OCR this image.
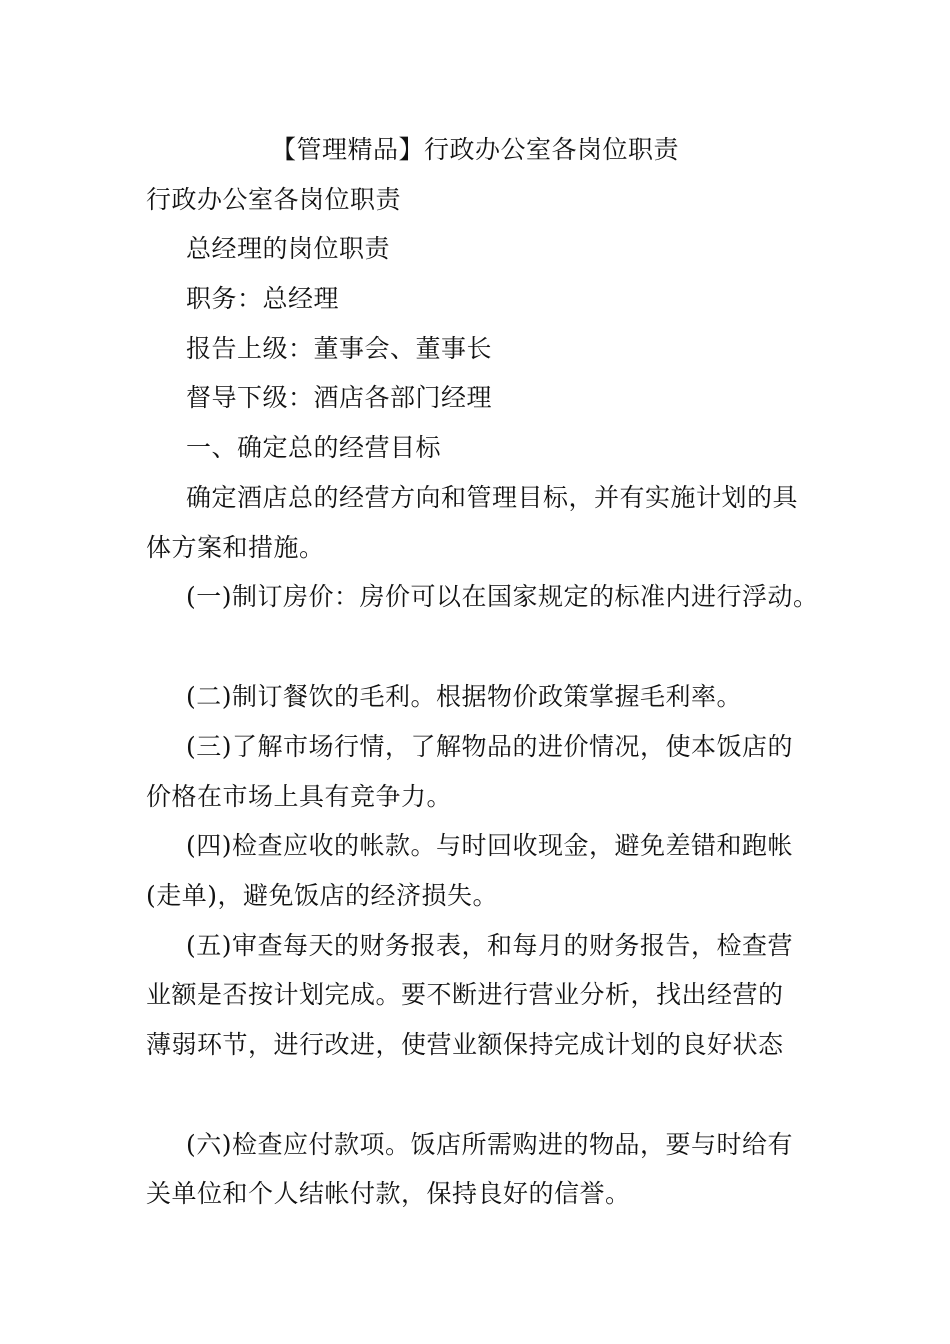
【管理精品】行政办公室各岗位职责
行政办公室各岗位职责
总经理的岗位职责
职务：总经理
报告上级：董事会、董事长
督导下级：酒店各部门经理
一、确定总的经营目标
确定酒店总的经营方向和管理目标，并有实施计划的具
体方案和措施。
(一)制订房价：房价可以在国家规定的标准内进行浮动。
(二)制订餐饮的毛利。根据物价政策掌握毛利率。
(三)了解市场行情，了解物品的进价情况，使本饭店的
价格在市场上具有竞争力。
(四)检查应收的帐款。与时回收现金，避免差错和跑帐
(走单)，避免饭店的经济损失。
(五)审查每天的财务报表，和每月的财务报告，检查营
业额是否按计划完成。要不断进行营业分析，找出经营的
薄弱环节，进行改进，使营业额保持完成计划的良好状态
(六)检查应付款项。饭店所需购进的物品，要与时给有
关单位和个人结帐付款，保持良好的信誉。
